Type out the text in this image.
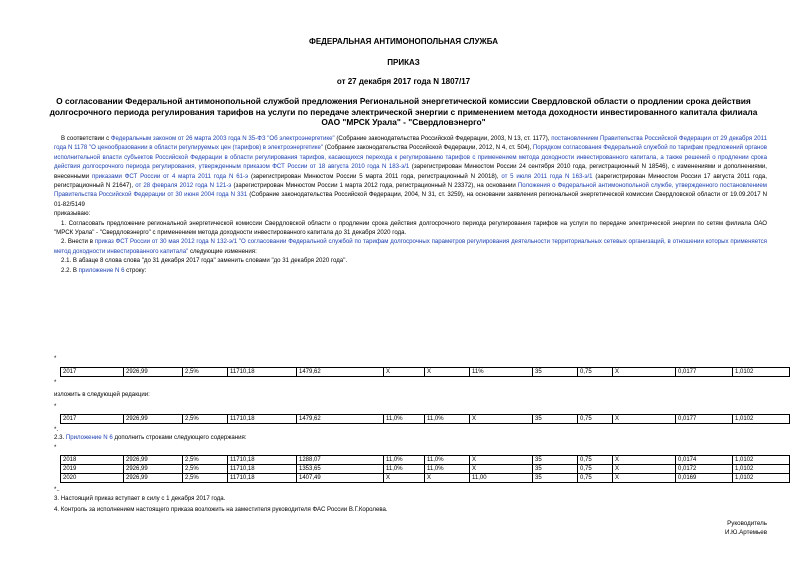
ФЕДЕРАЛЬНАЯ АНТИМОНОПОЛЬНАЯ СЛУЖБА
ПРИКАЗ
от 27 декабря 2017 года N 1807/17
О согласовании Федеральной антимонопольной службой предложения Региональной энергетической комиссии Свердловской области о продлении срока действия долгосрочного периода регулирования тарифов на услуги по передаче электрической энергии с применением метода доходности инвестированного капитала филиала ОАО "МРСК Урала" - "Свердловэнерго"

В соответствии с Федеральным законом от 26 марта 2003 года N 35-ФЗ "Об электроэнергетике" (Собрание законодательства Российской Федерации, 2003, N 13, ст. 1177), постановлением Правительства Российской Федерации от 29 декабря 2011 года N 1178 "О ценообразовании в области регулируемых цен (тарифов) в электроэнергетике" (Собрание законодательства Российской Федерации, 2012, N 4, ст. 504), Порядком согласования Федеральной службой по тарифам предложений органов исполнительной власти субъектов Российской Федерации в области регулирования тарифов, касающихся перехода к регулированию тарифов с применением метода доходности инвестированного капитала, а также решений о продлении срока действия долгосрочного периода регулирования, утвержденным приказом ФСТ России от 18 августа 2010 года N 183-э/1 (зарегистрирован Минюстом России 24 сентября 2010 года, регистрационный N 18546), с изменениями и дополнениями, внесенными приказами ФСТ России от 4 марта 2011 года N 61-э (зарегистрирован Минюстом России 5 марта 2011 года, регистрационный N 20018), от 5 июля 2011 года N 163-э/1 (зарегистрирован Минюстом России 17 августа 2011 года, регистрационный N 21647), от 28 февраля 2012 года N 121-э (зарегистрирован Минюстом России 1 марта 2012 года, регистрационный N 23372), на основании Положения о Федеральной антимонопольной службе, утвержденного постановлением Правительства Российской Федерации от 30 июня 2004 года N 331 (Собрание законодательства Российской Федерации, 2004, N 31, ст. 3259), на основании заявления региональной энергетической комиссии Свердловской области от 19.09.2017 N 01-82/5149

приказываю:

1. Согласовать предложение региональной энергетической комиссии Свердловской области о продлении срока действия долгосрочного периода регулирования тарифов на услуги по передаче электрической энергии по сетям филиала ОАО "МРСК Урала" - "Свердловэнерго" с применением метода доходности инвестированного капитала до 31 декабря 2020 года.

2. Внести в приказ ФСТ России от 30 мая 2012 года N 132-э/1 "О согласовании Федеральной службой по тарифам долгосрочных параметров регулирования деятельности территориальных сетевых организаций, в отношении которых применяется метод доходности инвестированного капитала" следующие изменения:

2.1. В абзаце 8 слова слова "до 31 декабря 2017 года" заменить словами "до 31 декабря 2020 года".

2.2. В приложение N 6 строку:

*
2017	2926,99	2,5%	11710,18	1479,62	X	X	11%	35	0,75	X	0,0177	1,0102
*
изложить в следующей редакции:
*
2017	2926,99	2,5%	11710,18	1479,62	11,0%	11,0%	X	35	0,75	X	0,0177	1,0102
*.
2.3. Приложение N 6 дополнить строками следующего содержания:
*
2018	2926,99	2,5%	11710,18	1288,07	11,0%	11,0%	X	35	0,75	X	0,0174	1,0102
2019	2926,99	2,5%	11710,18	1353,65	11,0%	11,0%	X	35	0,75	X	0,0172	1,0102
2020	2926,99	2,5%	11710,18	1407,49	X	X	11,00	35	0,75	X	0,0169	1,0102
*..
3. Настоящий приказ вступает в силу с 1 декабря 2017 года.
4. Контроль за исполнением настоящего приказа возложить на заместителя руководителя ФАС России В.Г.Королева.
Руководитель
И.Ю.Артемьев
